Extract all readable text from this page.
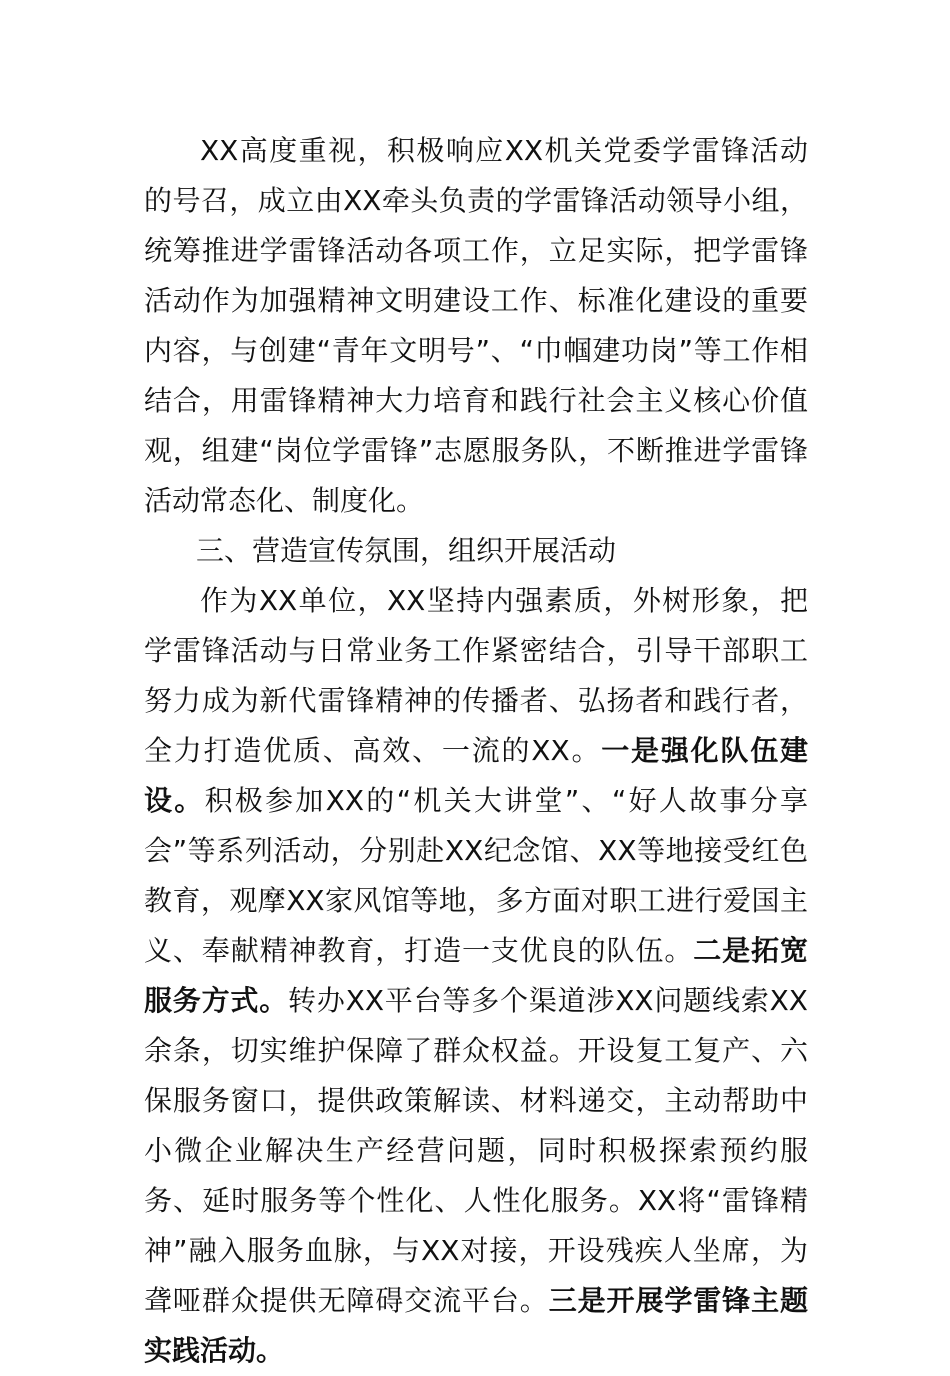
XX高度重视，积极响应XX机关党委学雷锋活动的号召，成立由XX牵头负责的学雷锋活动领导小组，统筹推进学雷锋活动各项工作，立足实际，把学雷锋活动作为加强精神文明建设工作、标准化建设的重要内容，与创建“青年文明号”、“巾帼建功岗”等工作相结合，用雷锋精神大力培育和践行社会主义核心价值观，组建“岗位学雷锋”志愿服务队，不断推进学雷锋活动常态化、制度化。

三、营造宣传氛围，组织开展活动

作为XX单位，XX坚持内强素质，外树形象，把学雷锋活动与日常业务工作紧密结合，引导干部职工努力成为新代雷锋精神的传播者、弘扬者和践行者，全力打造优质、高效、一流的XX。一是强化队伍建设。积极参加XX的“机关大讲堂”、“好人故事分享会”等系列活动，分别赴XX纪念馆、XX等地接受红色教育，观摩XX家风馆等地，多方面对职工进行爱国主义、奉献精神教育，打造一支优良的队伍。二是拓宽服务方式。转办XX平台等多个渠道涉XX问题线索XX余条，切实维护保障了群众权益。开设复工复产、六保服务窗口，提供政策解读、材料递交，主动帮助中小微企业解决生产经营问题，同时积极探索预约服务、延时服务等个性化、人性化服务。XX将“雷锋精神”融入服务血脉，与XX对接，开设残疾人坐席，为聋哑群众提供无障碍交流平台。三是开展学雷锋主题实践活动。
